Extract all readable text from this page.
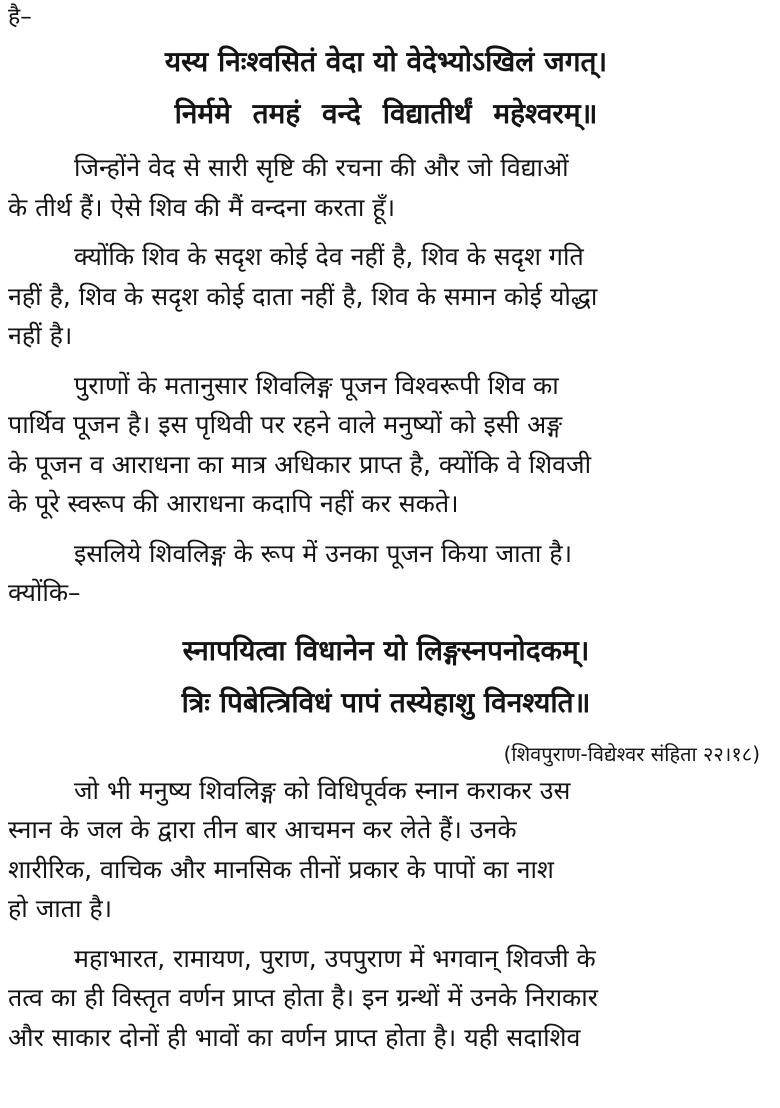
है–
यस्य निःश्वसितं वेदा यो वेदेभ्योऽखिलं जगत्।
निर्ममे तमहं वन्दे विद्यातीर्थं महेश्वरम्॥
जिन्होंने वेद से सारी सृष्टि की रचना की और जो विद्याओं
के तीर्थ हैं। ऐसे शिव की मैं वन्दना करता हूँ।
क्योंकि शिव के सदृश कोई देव नहीं है, शिव के सदृश गति
नहीं है, शिव के सदृश कोई दाता नहीं है, शिव के समान कोई योद्धा
नहीं है।
पुराणों के मतानुसार शिवलिङ्ग पूजन विश्वरूपी शिव का
पार्थिव पूजन है। इस पृथिवी पर रहने वाले मनुष्यों को इसी अङ्ग
के पूजन व आराधना का मात्र अधिकार प्राप्त है, क्योंकि वे शिवजी
के पूरे स्वरूप की आराधना कदापि नहीं कर सकते।
इसलिये शिवलिङ्ग के रूप में उनका पूजन किया जाता है।
क्योंकि–
स्नापयित्वा विधानेन यो लिङ्गस्नपनोदकम्।
त्रिः पिबेत्त्रिविधं पापं तस्येहाशु विनश्यति॥
(शिवपुराण-विद्येश्वर संहिता २२।१८)
जो भी मनुष्य शिवलिङ्ग को विधिपूर्वक स्नान कराकर उस
स्नान के जल के द्वारा तीन बार आचमन कर लेते हैं। उनके
शारीरिक, वाचिक और मानसिक तीनों प्रकार के पापों का नाश
हो जाता है।
महाभारत, रामायण, पुराण, उपपुराण में भगवान् शिवजी के
तत्व का ही विस्तृत वर्णन प्राप्त होता है। इन ग्रन्थों में उनके निराकार
और साकार दोनों ही भावों का वर्णन प्राप्त होता है। यही सदाशिव
